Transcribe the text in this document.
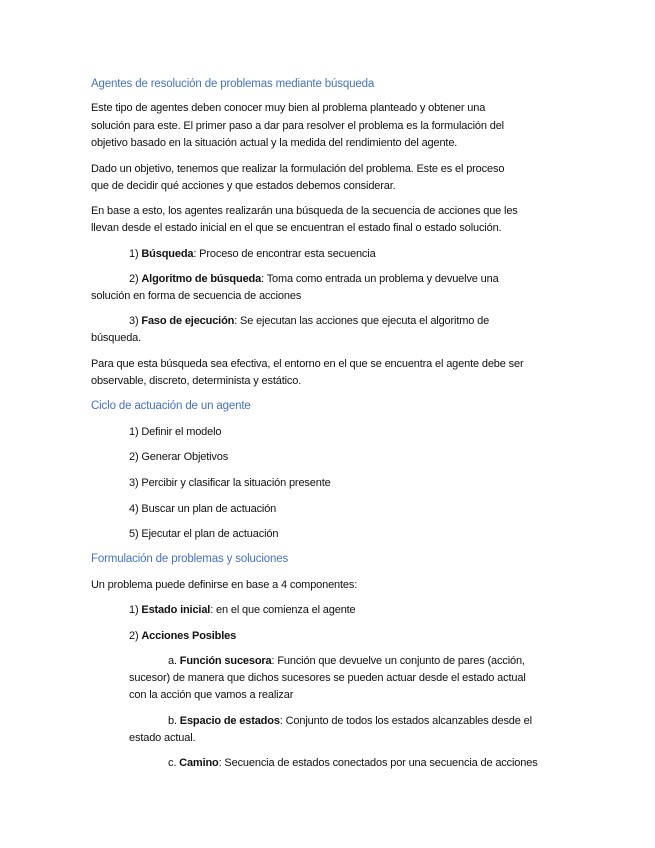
Agentes de resolución de problemas mediante búsqueda
Este tipo de agentes deben conocer muy bien al problema planteado y obtener una
solución para este. El primer paso a dar para resolver el problema es la formulación del
objetivo basado en la situación actual y la medida del rendimiento del agente.
Dado un objetivo, tenemos que realizar la formulación del problema. Este es el proceso
que de decidir qué acciones y que estados debemos considerar.
En base a esto, los agentes realizarán una búsqueda de la secuencia de acciones que les
llevan desde el estado inicial en el que se encuentran el estado final o estado solución.
1) Búsqueda: Proceso de encontrar esta secuencia
2) Algoritmo de búsqueda: Toma como entrada un problema y devuelve una
solución en forma de secuencia de acciones
3) Faso de ejecución: Se ejecutan las acciones que ejecuta el algoritmo de
búsqueda.
Para que esta búsqueda sea efectiva, el entorno en el que se encuentra el agente debe ser
observable, discreto, determinista y estático.
Ciclo de actuación de un agente
1) Definir el modelo
2) Generar Objetivos
3) Percibir y clasificar la situación presente
4) Buscar un plan de actuación
5) Ejecutar el plan de actuación
Formulación de problemas y soluciones
Un problema puede definirse en base a 4 componentes:
1) Estado inicial: en el que comienza el agente
2) Acciones Posibles
a. Función sucesora: Función que devuelve un conjunto de pares (acción,
sucesor) de manera que dichos sucesores se pueden actuar desde el estado actual
con la acción que vamos a realizar
b. Espacio de estados: Conjunto de todos los estados alcanzables desde el
estado actual.
c. Camino: Secuencia de estados conectados por una secuencia de acciones
